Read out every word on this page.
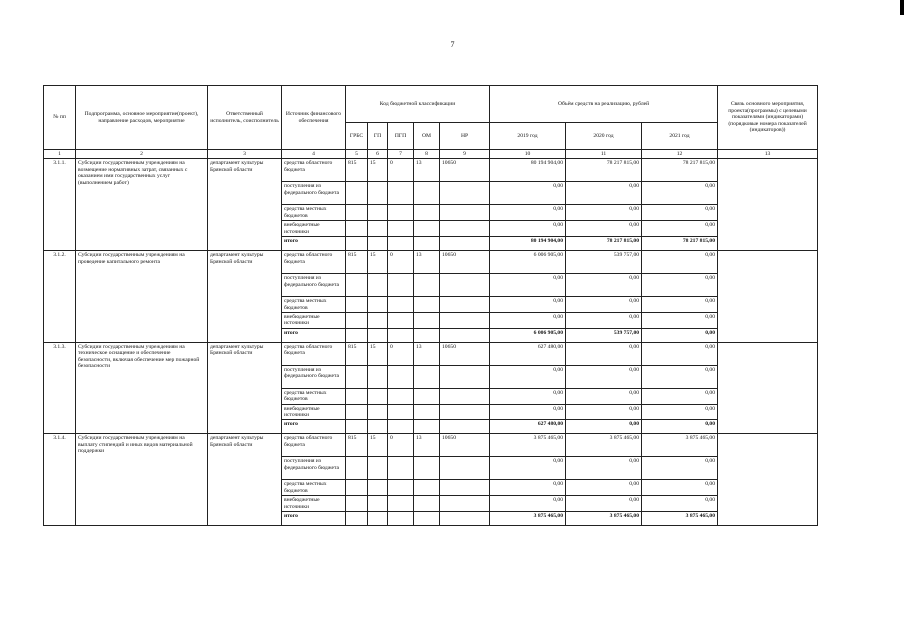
7
№ пп	Подпрограмма, основное мероприятие(проект), направление расходов, мероприятие	Ответственный исполнитель, соисполнитель	Источник финансового обеспечения	Код бюджетной классификации					Объём средств на реализацию, рублей			Связь основного мероприятия, проекта(программы) с целевыми показателями (индикаторами) (порядковые номера показателей (индикаторов))
				ГРБС	ГП	ПГП	ОМ	НР	2019 год	2020 год	2021 год	
1	2	3	4	5	6	7	8	9	10	11	12	13
3.1.1.	Субсидии государственным учреждениям на возмещение нормативных затрат, связанных с оказанием ими государственных услуг (выполнением работ)	департамент культуры Брянской области	средства областного бюджета	815	15	0	13	10650	80 194 904,00	78 217 815,00	78 217 815,00	
			поступления из федерального бюджета						0,00	0,00	0,00	
			средства местных бюджетов						0,00	0,00	0,00	
			внебюджетные источники						0,00	0,00	0,00	
			итого						80 194 904,00	78 217 815,00	78 217 815,00	
3.1.2.	Субсидии государственным учреждениям на проведение капитального ремонта	департамент культуры Брянской области	средства областного бюджета	815	15	0	13	10650	6 006 905,00	539 757,00	0,00	
			поступления из федерального бюджета						0,00	0,00	0,00	
			средства местных бюджетов						0,00	0,00	0,00	
			внебюджетные источники						0,00	0,00	0,00	
			итого						6 006 905,00	539 757,00	0,00	
3.1.3.	Субсидии государственным учреждениям на техническое оснащение и обеспечение безопасности, включая обеспечение мер пожарной безопасности	департамент культуры Брянской области	средства областного бюджета	815	15	0	13	10650	627 480,00	0,00	0,00	
			поступления из федерального бюджета						0,00	0,00	0,00	
			средства местных бюджетов						0,00	0,00	0,00	
			внебюджетные источники						0,00	0,00	0,00	
			итого						627 480,00	0,00	0,00	
3.1.4.	Субсидии государственным учреждениям на выплату стипендий и иных видов материальной поддержки	департамент культуры Брянской области	средства областного бюджета	815	15	0	13	10650	3 875 465,00	3 875 465,00	3 875 465,00	
			поступления из федерального бюджета						0,00	0,00	0,00	
			средства местных бюджетов						0,00	0,00	0,00	
			внебюджетные источники						0,00	0,00	0,00	
			итого						3 875 465,00	3 875 465,00	3 875 465,00	
